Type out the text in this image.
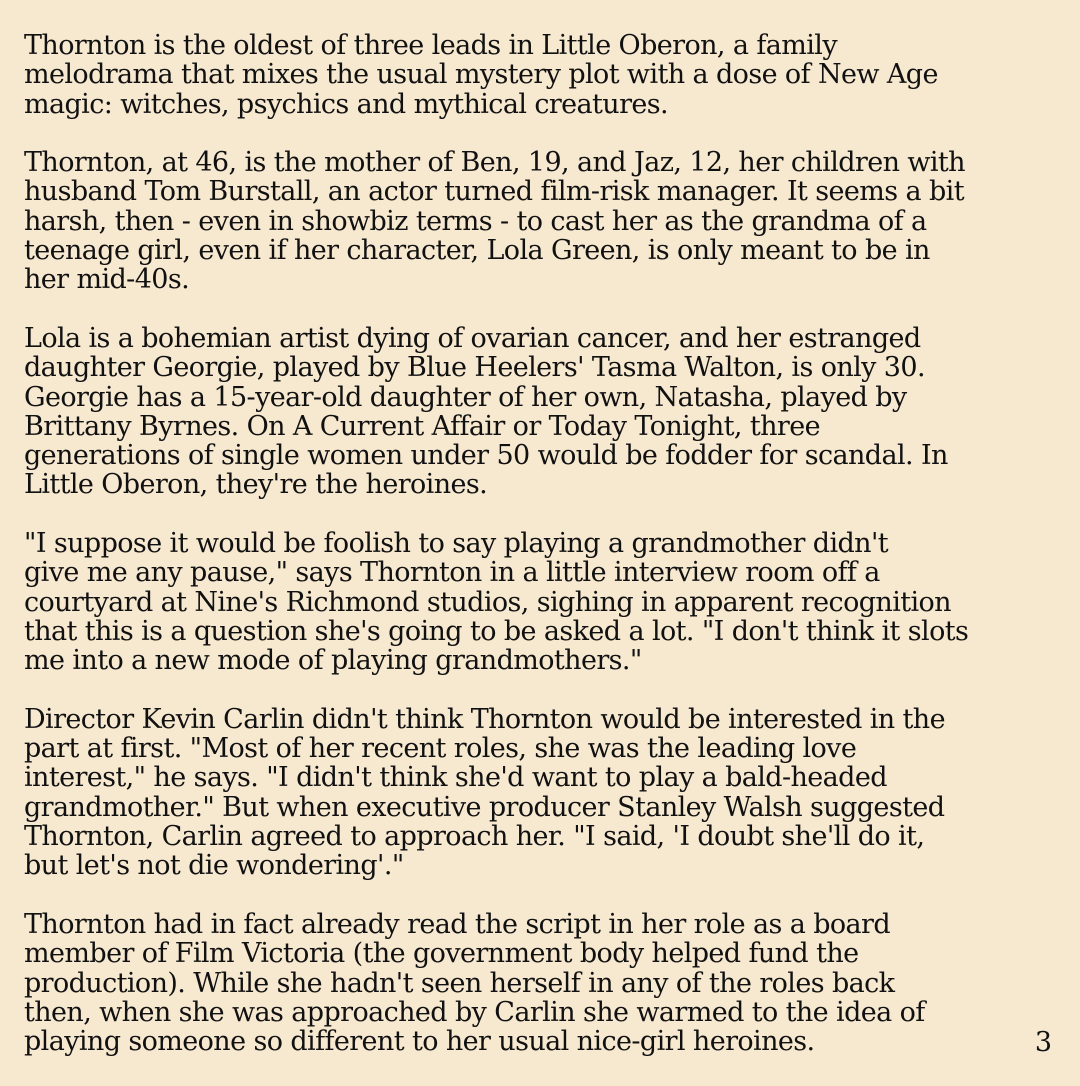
Thornton is the oldest of three leads in Little Oberon, a family
melodrama that mixes the usual mystery plot with a dose of New Age
magic: witches, psychics and mythical creatures.

Thornton, at 46, is the mother of Ben, 19, and Jaz, 12, her children with
husband Tom Burstall, an actor turned film-risk manager. It seems a bit
harsh, then - even in showbiz terms - to cast her as the grandma of a
teenage girl, even if her character, Lola Green, is only meant to be in
her mid-40s.

Lola is a bohemian artist dying of ovarian cancer, and her estranged
daughter Georgie, played by Blue Heelers' Tasma Walton, is only 30.
Georgie has a 15-year-old daughter of her own, Natasha, played by
Brittany Byrnes. On A Current Affair or Today Tonight, three
generations of single women under 50 would be fodder for scandal. In
Little Oberon, they're the heroines.

"I suppose it would be foolish to say playing a grandmother didn't
give me any pause," says Thornton in a little interview room off a
courtyard at Nine's Richmond studios, sighing in apparent recognition
that this is a question she's going to be asked a lot. "I don't think it slots
me into a new mode of playing grandmothers."

Director Kevin Carlin didn't think Thornton would be interested in the
part at first. "Most of her recent roles, she was the leading love
interest," he says. "I didn't think she'd want to play a bald-headed
grandmother." But when executive producer Stanley Walsh suggested
Thornton, Carlin agreed to approach her. "I said, 'I doubt she'll do it,
but let's not die wondering'."

Thornton had in fact already read the script in her role as a board
member of Film Victoria (the government body helped fund the
production). While she hadn't seen herself in any of the roles back
then, when she was approached by Carlin she warmed to the idea of
playing someone so different to her usual nice-girl heroines.	3
